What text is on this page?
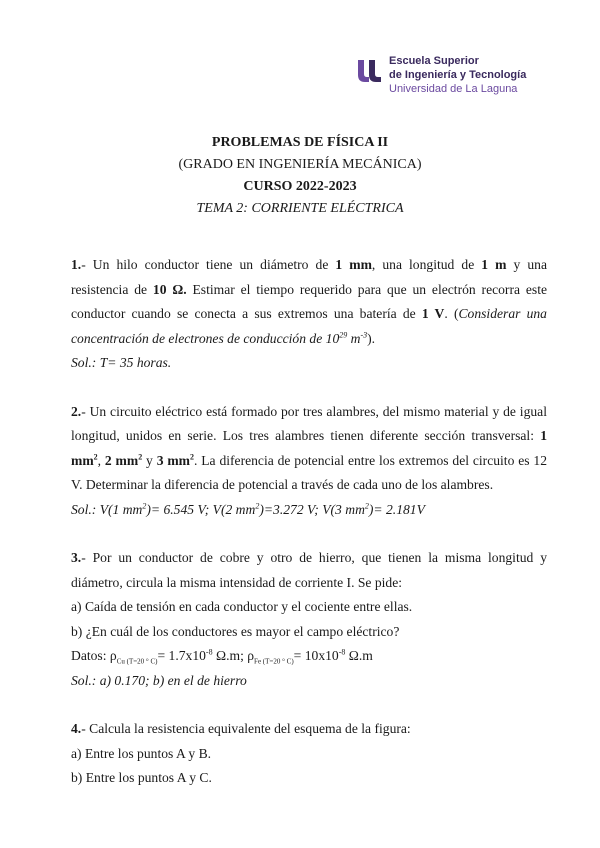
Escuela Superior
de Ingeniería y Tecnología
Universidad de La Laguna
PROBLEMAS DE FÍSICA II
(GRADO EN INGENIERÍA MECÁNICA)
CURSO 2022-2023
TEMA 2: CORRIENTE ELÉCTRICA

1.- Un hilo conductor tiene un diámetro de 1 mm, una longitud de 1 m y una resistencia de 10 Ω. Estimar el tiempo requerido para que un electrón recorra este conductor cuando se conecta a sus extremos una batería de 1 V. (Considerar una concentración de electrones de conducción de $10^{29}$ $m^{-3}$).

Sol.: T= 35 horas.

2.- Un circuito eléctrico está formado por tres alambres, del mismo material y de igual longitud, unidos en serie. Los tres alambres tienen diferente sección transversal: 1 $mm^2$, 2 $mm^2$ y 3 $mm^2$. La diferencia de potencial entre los extremos del circuito es 12 V. Determinar la diferencia de potencial a través de cada uno de los alambres.

Sol.: V(1 $mm^2)= 6.545$ V; V(2 $mm^2)=3.272$ V; V(3 $mm^2)= 2.181V$

3.- Por un conductor de cobre y otro de hierro, que tienen la misma longitud y diámetro, circula la misma intensidad de corriente I. Se pide:

a) Caída de tensión en cada conductor y el cociente entre ellas.

b) ¿En cuál de los conductores es mayor el campo eléctrico?

Datos: $\rho_{Cu (T=20 ^\circ C)}= 1.7x10^{-8}$ Ω.m; $\rho_{Fe (T=20 ^\circ C)}= 10x10^{-8}$ Ω.m

Sol.: a) 0.170; b) en el de hierro

4.- Calcula la resistencia equivalente del esquema de la figura:

a) Entre los puntos A y B.

b) Entre los puntos A y C.
